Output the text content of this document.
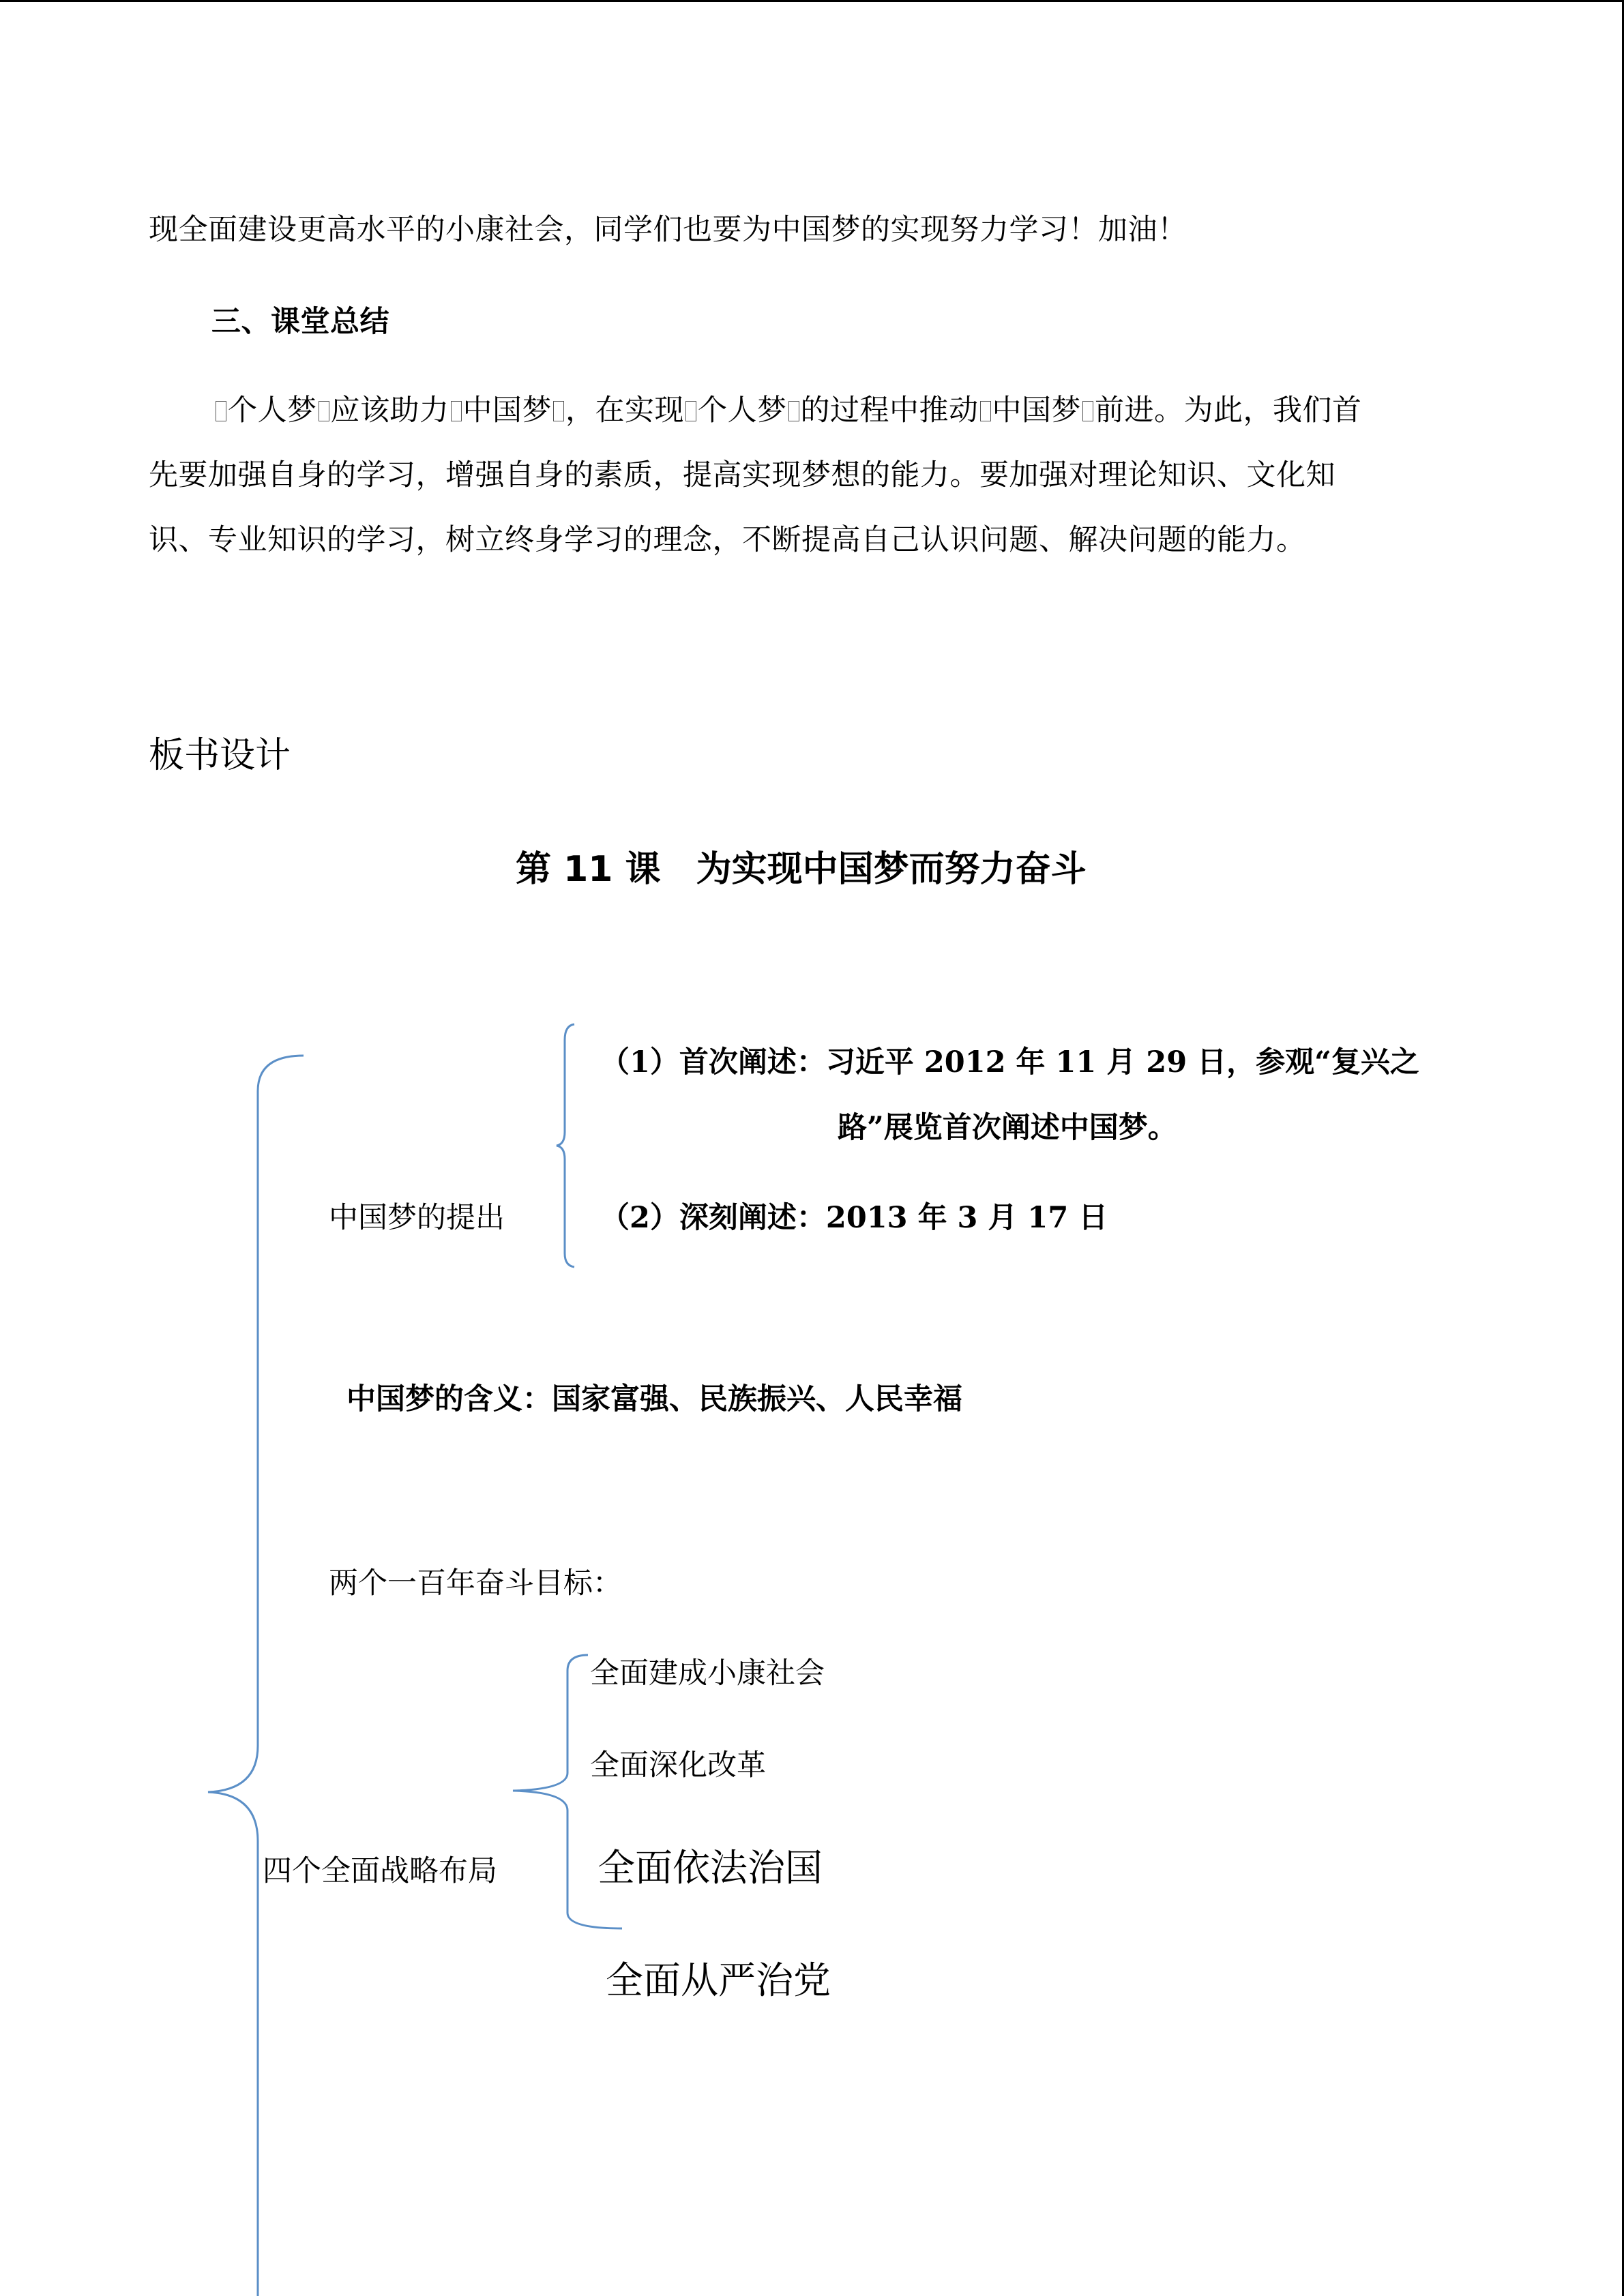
现全面建设更高水平的小康社会，同学们也要为中国梦的实现努力学习！加油！
三、课堂总结
个人梦 应该助力 中国梦 ，在实现 个人梦 的过程中推动 中国梦 前进。为此，我们首
先要加强自身的学习，增强自身的素质，提高实现梦想的能力。要加强对理论知识、文化知
识、专业知识的学习，树立终身学习的理念，不断提高自己认识问题、解决问题的能力。
板书设计
第 11 课　为实现中国梦而努力奋斗
（1）首次阐述：习近平 2012 年 11 月 29 日，参观“复兴之
路”展览首次阐述中国梦。
中国梦的提出	（2）深刻阐述：2013 年 3 月 17 日
中国梦的含义：国家富强、民族振兴、人民幸福
两个一百年奋斗目标：
全面建成小康社会
全面深化改革
四个全面战略布局	全面依法治国
全面从严治党
